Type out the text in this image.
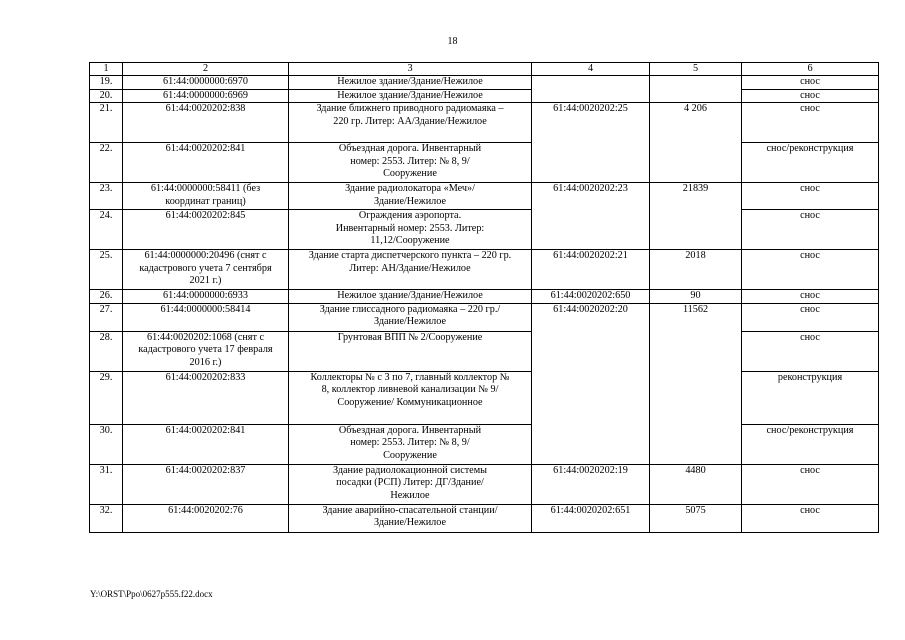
18
1	2	3	4	5	6
19.	61:44:0000000:6970	Нежилое здание/Здание/Нежилое			снос
20.	61:44:0000000:6969	Нежилое здание/Здание/Нежилое			снос
21.	61:44:0020202:838	Здание ближнего приводного радиомаяка – 220 гр. Литер: АА/Здание/Нежилое	61:44:0020202:25	4 206	снос
22.	61:44:0020202:841	Объездная дорога. Инвентарный номер: 2553. Литер: № 8, 9/Сооружение			снос/реконструкция
23.	61:44:0000000:58411 (без координат границ)	Здание радиолокатора «Меч»/Здание/Нежилое	61:44:0020202:23	21839	снос
24.	61:44:0020202:845	Ограждения аэропорта. Инвентарный номер: 2553. Литер: 11,12/Сооружение			снос
25.	61:44:0000000:20496 (снят с кадастрового учета 7 сентября 2021 г.)	Здание старта диспетчерского пункта – 220 гр. Литер: АН/Здание/Нежилое	61:44:0020202:21	2018	снос
26.	61:44:0000000:6933	Нежилое здание/Здание/Нежилое	61:44:0020202:650	90	снос
27.	61:44:0000000:58414	Здание глиссадного радиомаяка – 220 гр./Здание/Нежилое	61:44:0020202:20	11562	снос
28.	61:44:0020202:1068 (снят с кадастрового учета 17 февраля 2016 г.)	Грунтовая ВПП № 2/Сооружение			снос
29.	61:44:0020202:833	Коллекторы № с 3 по 7, главный коллектор № 8, коллектор ливневой канализации № 9/Сооружение/ Коммуникационное			реконструкция
30.	61:44:0020202:841	Объездная дорога. Инвентарный номер: 2553. Литер: № 8, 9/ Сооружение			снос/реконструкция
31.	61:44:0020202:837	Здание радиолокационной системы посадки (РСП) Литер: ДГ/Здание/Нежилое	61:44:0020202:19	4480	снос
32.	61:44:0020202:76	Здание аварийно-спасательной станции/Здание/Нежилое	61:44:0020202:651	5075	снос
Y:\ORST\Ppo\0627p555.f22.docx
